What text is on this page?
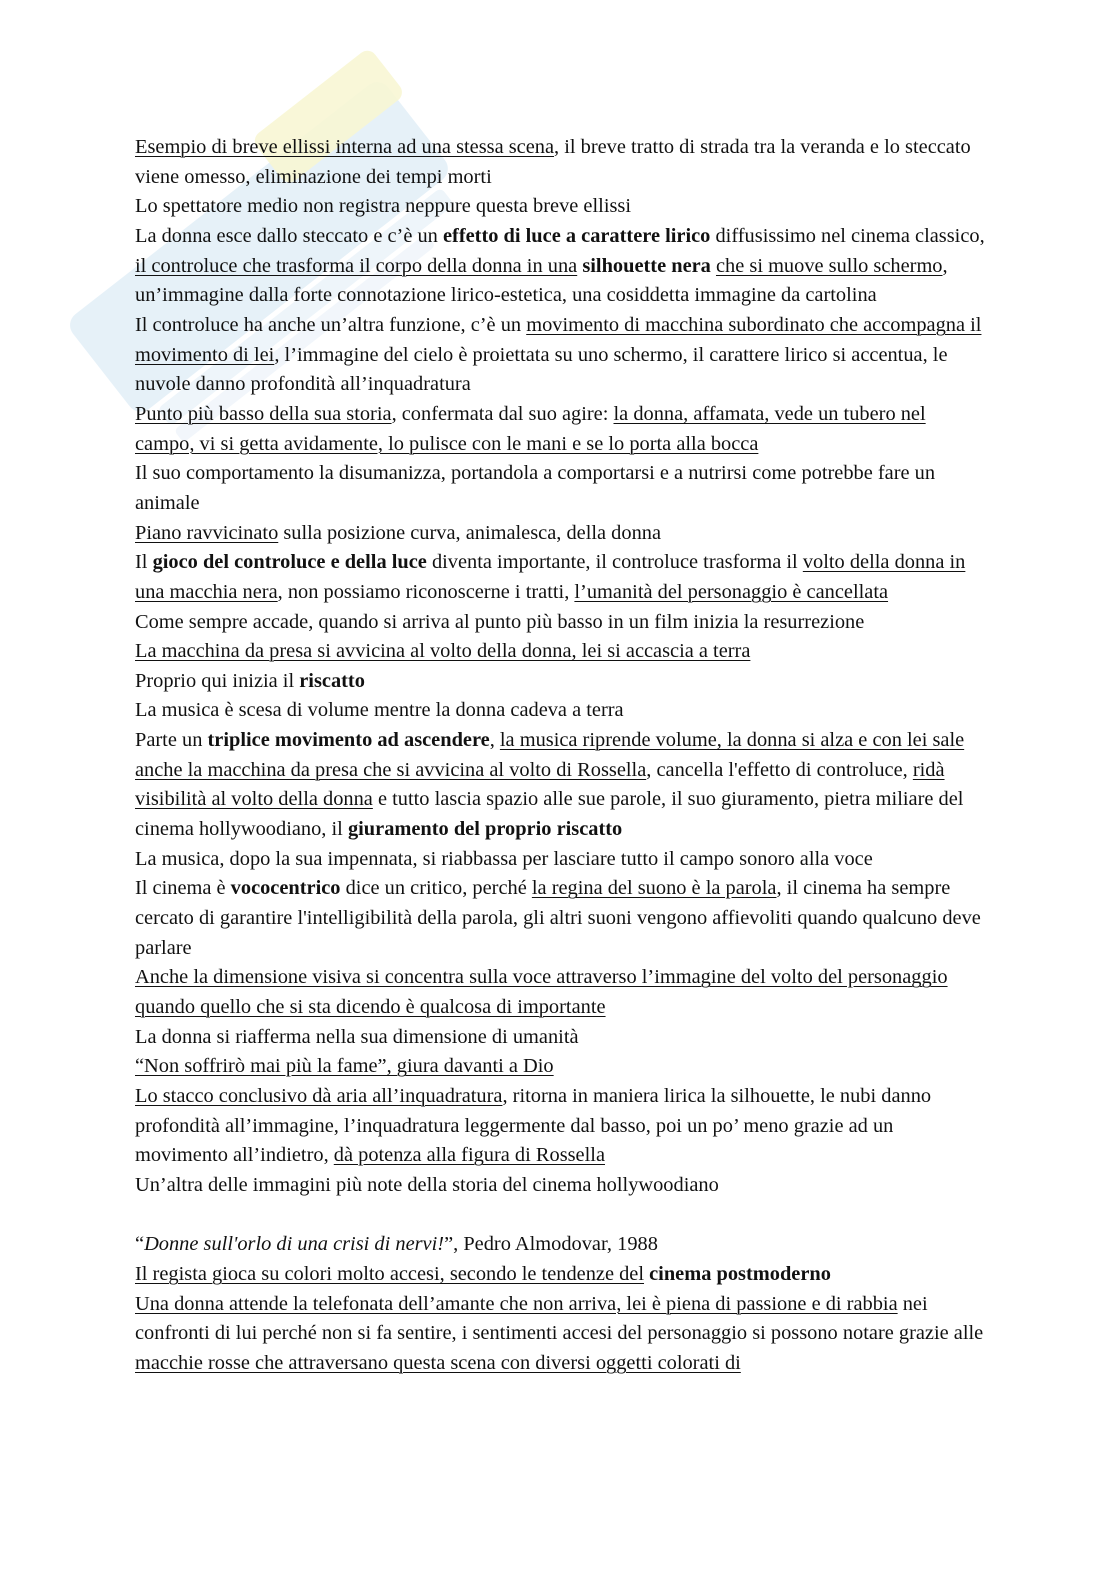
Esempio di breve ellissi interna ad una stessa scena, il breve tratto di strada tra la veranda e lo steccato viene omesso, eliminazione dei tempi morti

Lo spettatore medio non registra neppure questa breve ellissi

La donna esce dallo steccato e c’è un effetto di luce a carattere lirico diffusissimo nel cinema classico, il controluce che trasforma il corpo della donna in una silhouette nera che si muove sullo schermo, un’immagine dalla forte connotazione lirico-estetica, una cosiddetta immagine da cartolina

Il controluce ha anche un’altra funzione, c’è un movimento di macchina subordinato che accompagna il movimento di lei, l’immagine del cielo è proiettata su uno schermo, il carattere lirico si accentua, le nuvole danno profondità all’inquadratura

Punto più basso della sua storia, confermata dal suo agire: la donna, affamata, vede un tubero nel campo, vi si getta avidamente, lo pulisce con le mani e se lo porta alla bocca

Il suo comportamento la disumanizza, portandola a comportarsi e a nutrirsi come potrebbe fare un animale

Piano ravvicinato sulla posizione curva, animalesca, della donna

Il gioco del controluce e della luce diventa importante, il controluce trasforma il volto della donna in una macchia nera, non possiamo riconoscerne i tratti, l’umanità del personaggio è cancellata

Come sempre accade, quando si arriva al punto più basso in un film inizia la resurrezione

La macchina da presa si avvicina al volto della donna, lei si accascia a terra

Proprio qui inizia il riscatto

La musica è scesa di volume mentre la donna cadeva a terra

Parte un triplice movimento ad ascendere, la musica riprende volume, la donna si alza e con lei sale anche la macchina da presa che si avvicina al volto di Rossella, cancella l'effetto di controluce, ridà visibilità al volto della donna e tutto lascia spazio alle sue parole, il suo giuramento, pietra miliare del cinema hollywoodiano, il giuramento del proprio riscatto

La musica, dopo la sua impennata, si riabbassa per lasciare tutto il campo sonoro alla voce

Il cinema è vococentrico dice un critico, perché la regina del suono è la parola, il cinema ha sempre cercato di garantire l'intelligibilità della parola, gli altri suoni vengono affievoliti quando qualcuno deve parlare

Anche la dimensione visiva si concentra sulla voce attraverso l’immagine del volto del personaggio quando quello che si sta dicendo è qualcosa di importante

La donna si riafferma nella sua dimensione di umanità

“Non soffrirò mai più la fame”, giura davanti a Dio

Lo stacco conclusivo dà aria all’inquadratura, ritorna in maniera lirica la silhouette, le nubi danno profondità all’immagine, l’inquadratura leggermente dal basso, poi un po’ meno grazie ad un movimento all’indietro, dà potenza alla figura di Rossella

Un’altra delle immagini più note della storia del cinema hollywoodiano

“Donne sull'orlo di una crisi di nervi!”, Pedro Almodovar, 1988

Il regista gioca su colori molto accesi, secondo le tendenze del cinema postmoderno

Una donna attende la telefonata dell’amante che non arriva, lei è piena di passione e di rabbia nei confronti di lui perché non si fa sentire, i sentimenti accesi del personaggio si possono notare grazie alle macchie rosse che attraversano questa scena con diversi oggetti colorati di
